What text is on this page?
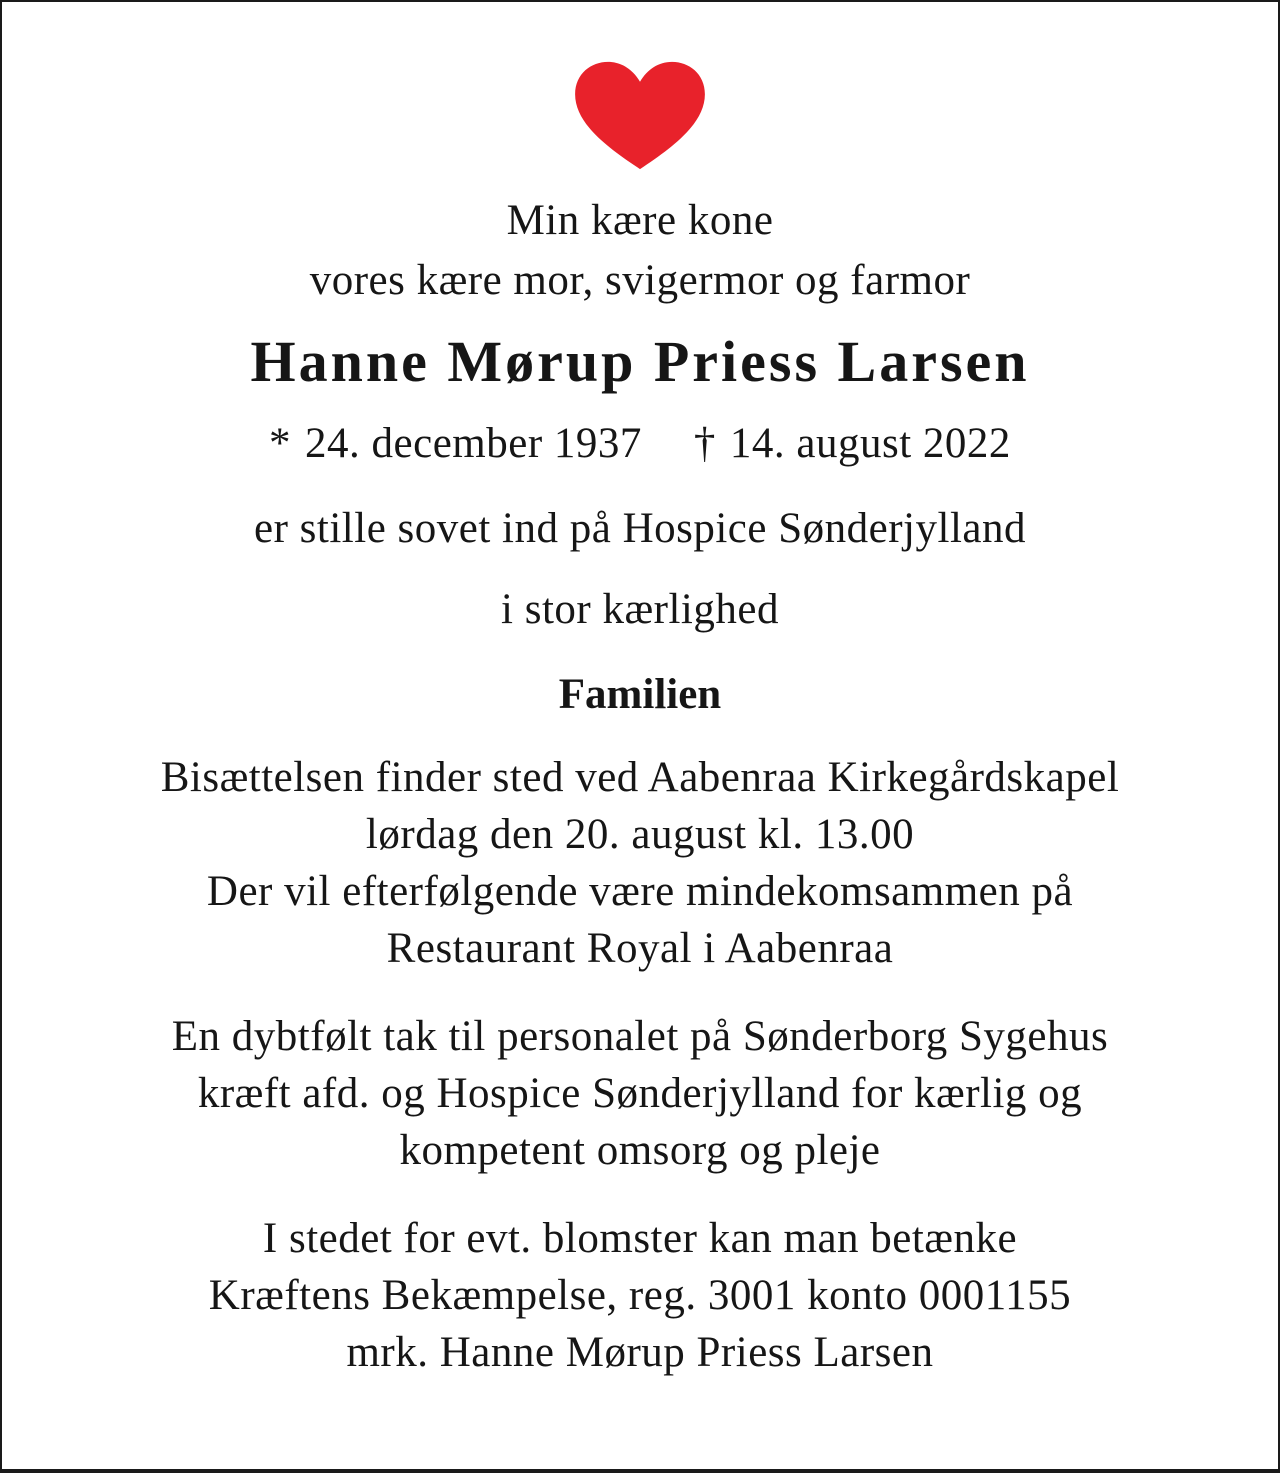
Min kære kone
vores kære mor, svigermor og farmor
Hanne Mørup Priess Larsen
* 24. december 1937 † 14. august 2022
er stille sovet ind på Hospice Sønderjylland
i stor kærlighed
Familien
Bisættelsen finder sted ved Aabenraa Kirkegårdskapel
lørdag den 20. august kl. 13.00
Der vil efterfølgende være mindekomsammen på
Restaurant Royal i Aabenraa
En dybtfølt tak til personalet på Sønderborg Sygehus
kræft afd. og Hospice Sønderjylland for kærlig og
kompetent omsorg og pleje
I stedet for evt. blomster kan man betænke
Kræftens Bekæmpelse, reg. 3001 konto 0001155
mrk. Hanne Mørup Priess Larsen
